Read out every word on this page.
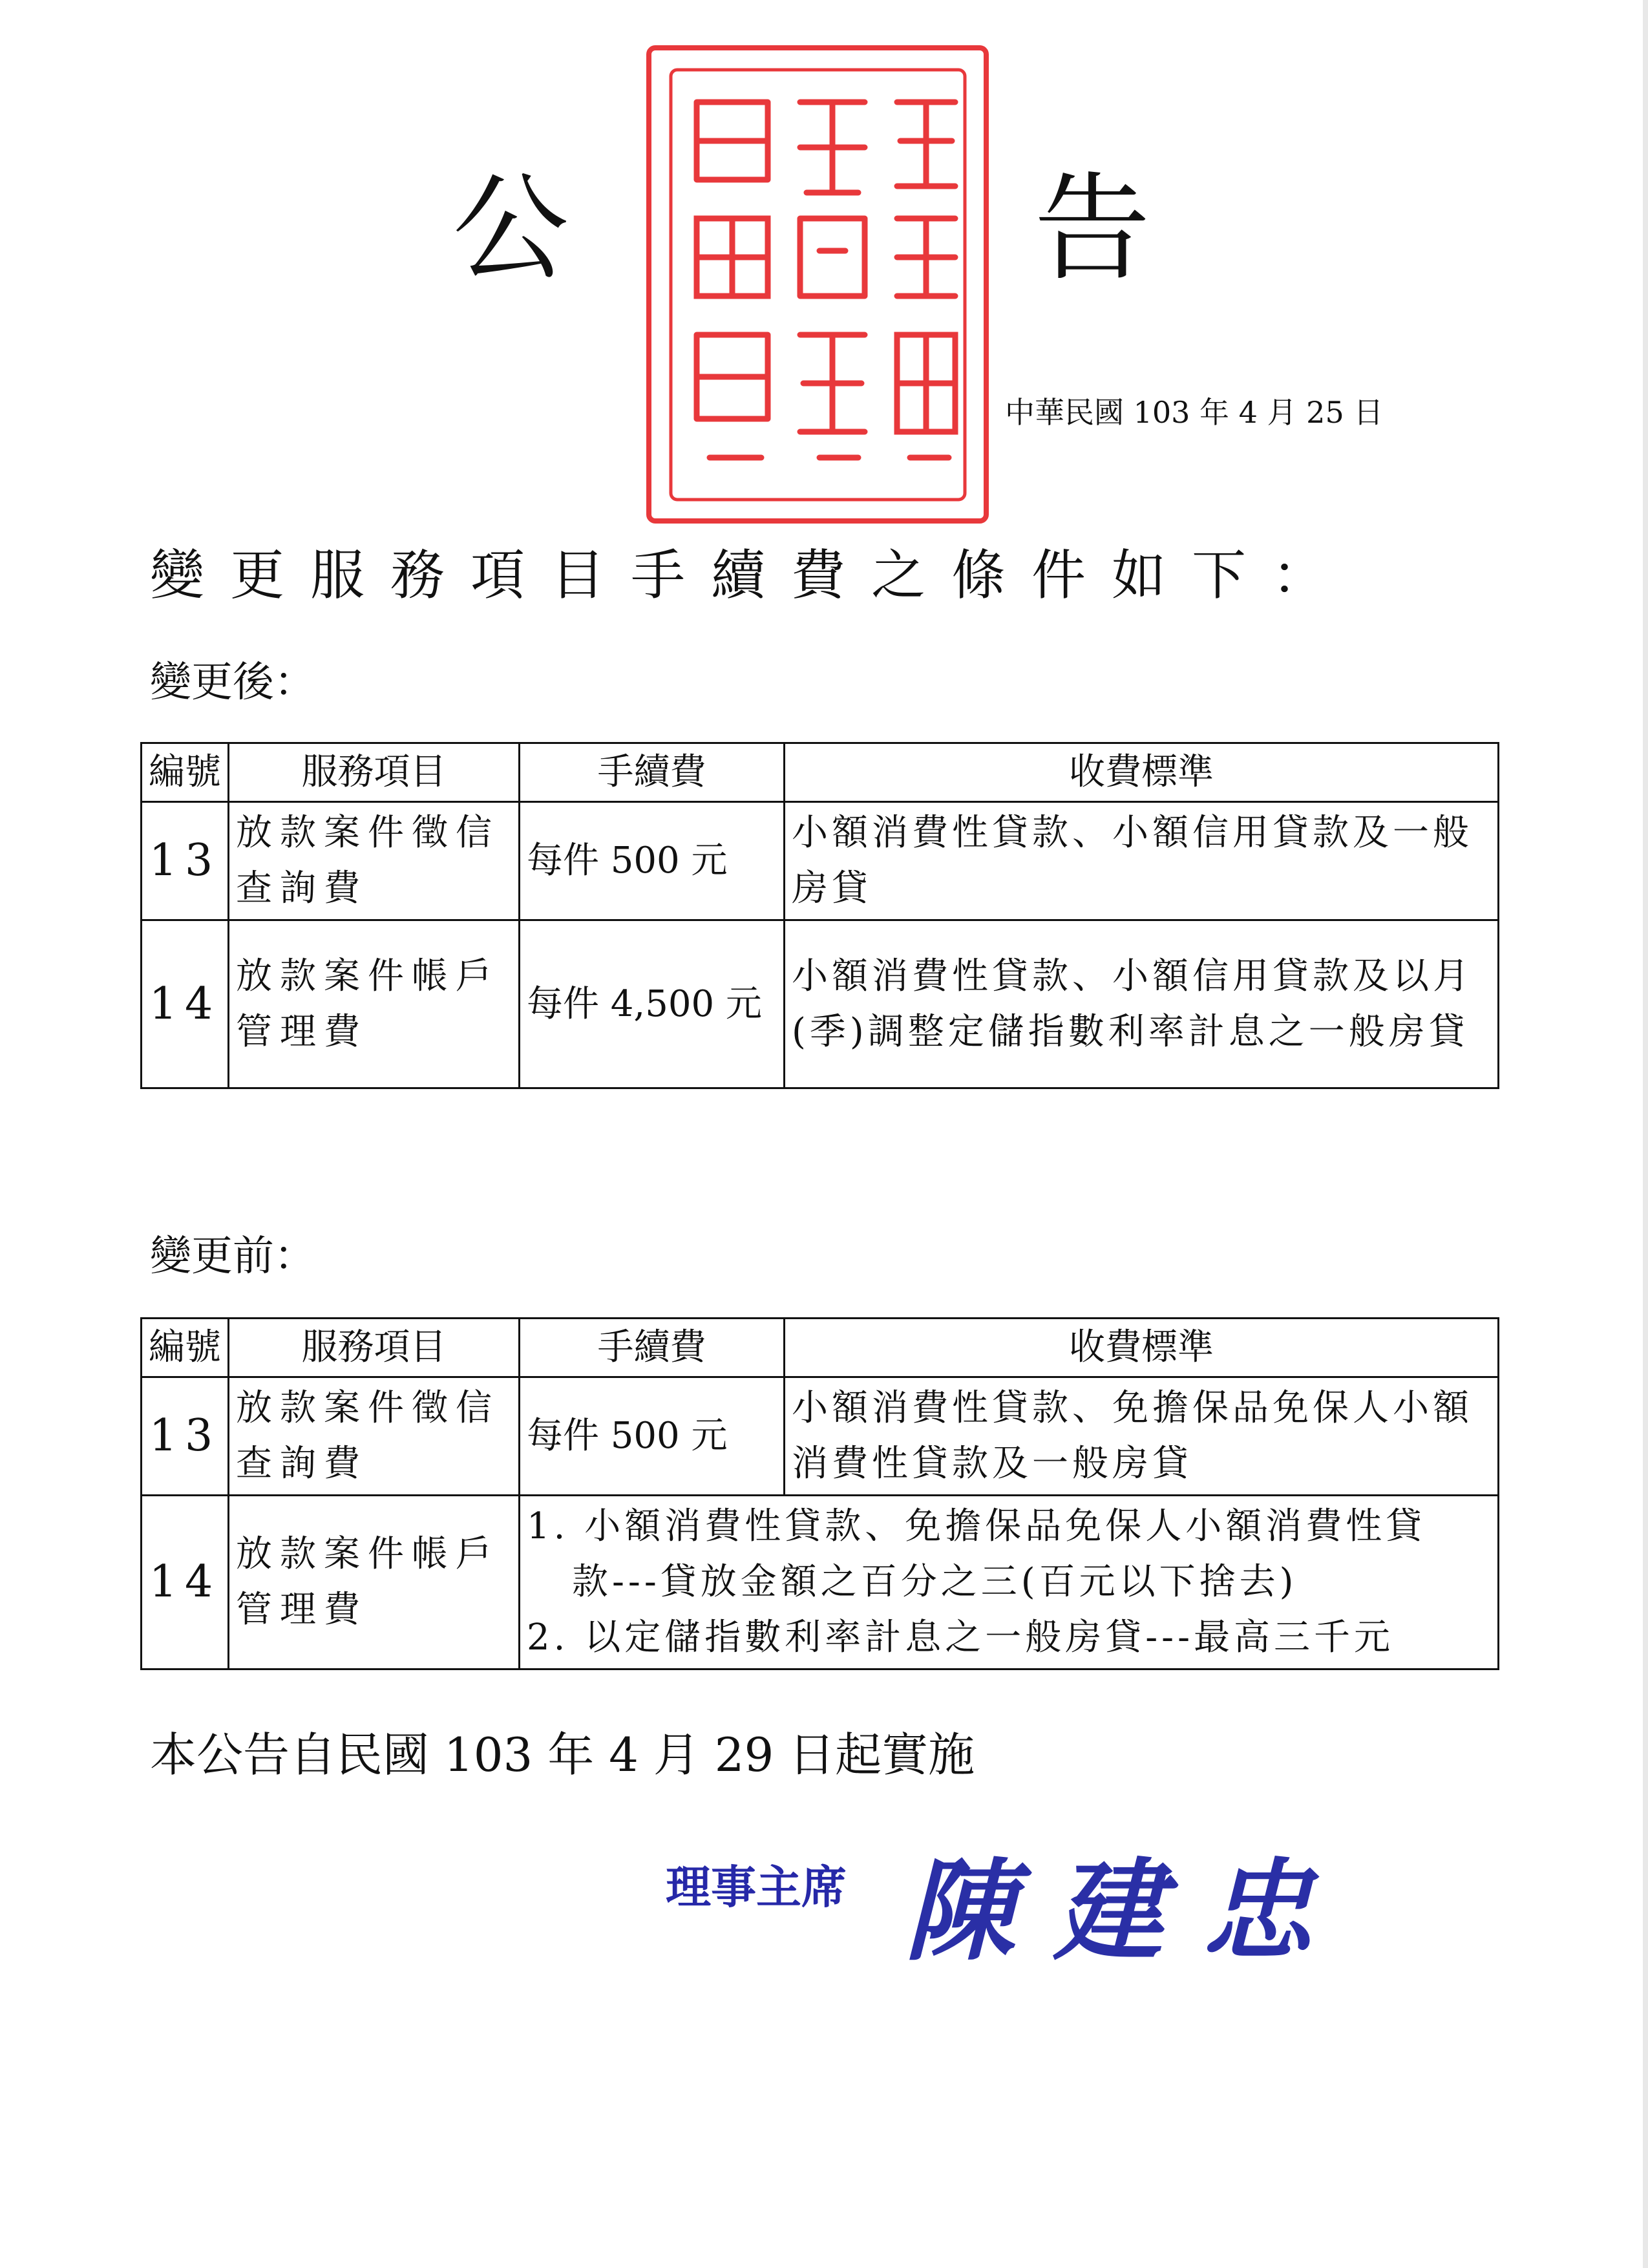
公	告
中華民國 103 年 4 月 25 日
變更服務項目手續費之條件如下：
變更後：
編號	服務項目	手續費	收費標準
13	放款案件徵信查詢費	每件 500 元	小額消費性貸款、小額信用貸款及一般房貸
14	放款案件帳戶管理費	每件 4,500 元	小額消費性貸款、小額信用貸款及以月(季)調整定儲指數利率計息之一般房貸
變更前：
編號	服務項目	手續費	收費標準
13	放款案件徵信查詢費	每件 500 元	小額消費性貸款、免擔保品免保人小額消費性貸款及一般房貸
14	放款案件帳戶管理費	1. 小額消費性貸款、免擔保品免保人小額消費性貸
款---貸放金額之百分之三(百元以下捨去)
2. 以定儲指數利率計息之一般房貸---最高三千元	
本公告自民國 103 年 4 月 29 日起實施
理事主席 陳建忠
